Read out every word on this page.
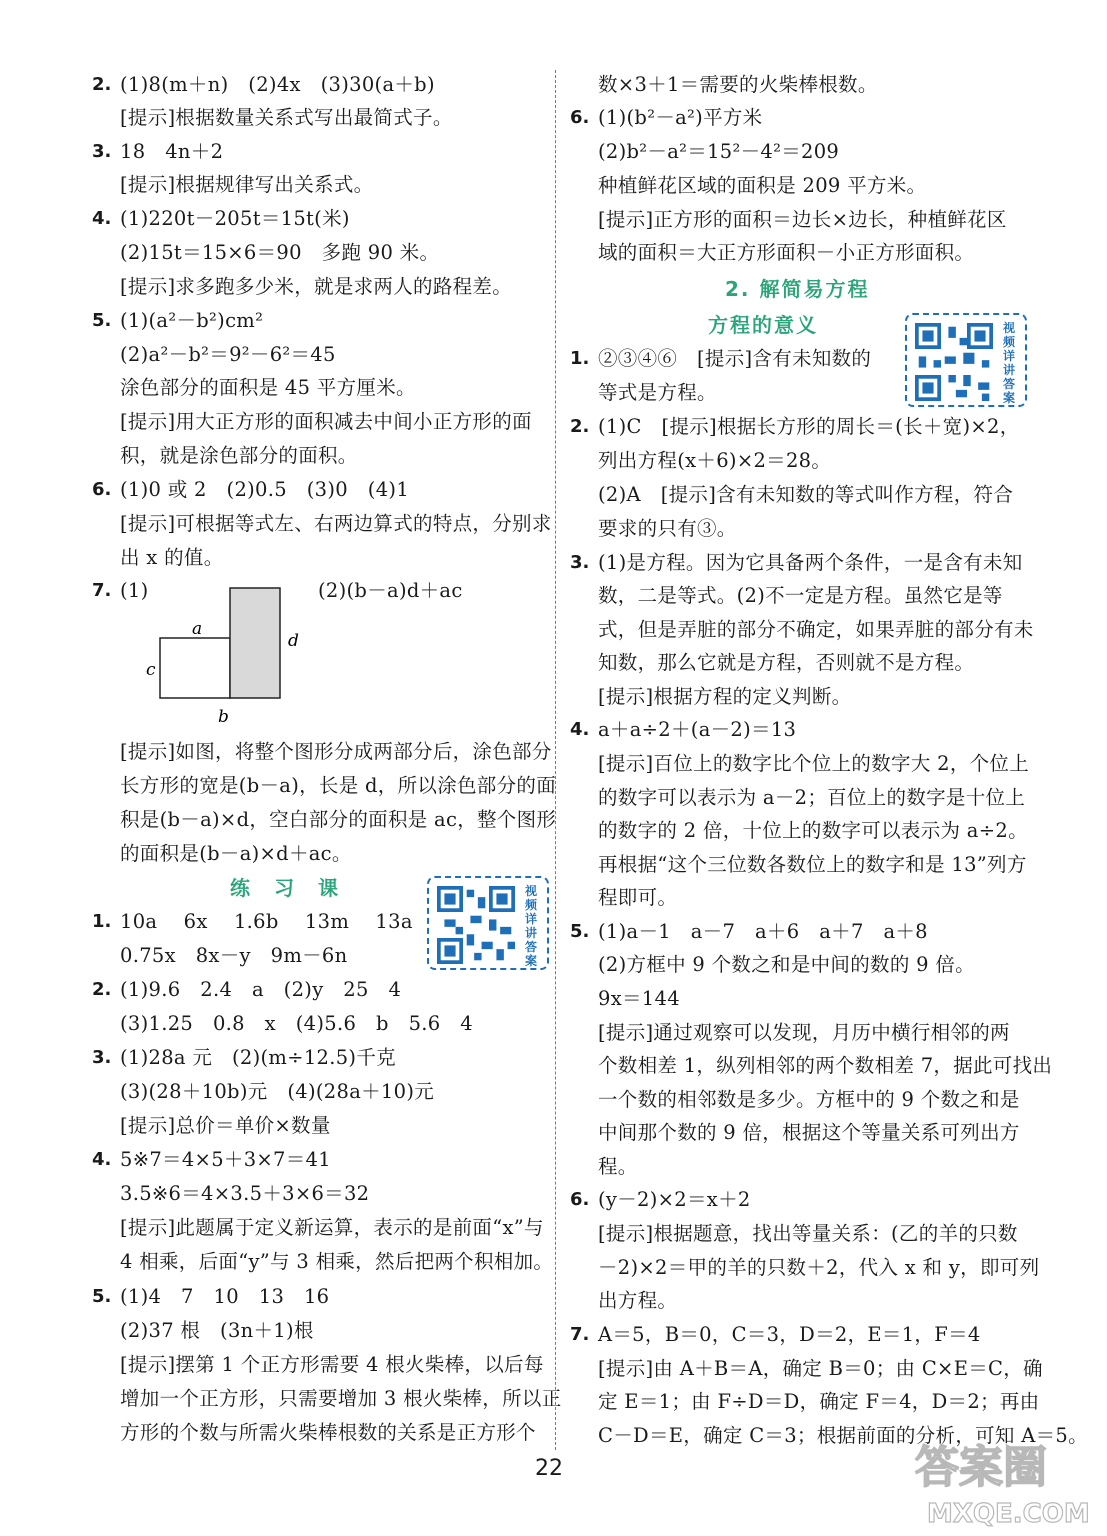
2. (1)8(m＋n)　(2)4x　(3)30(a＋b)
[提示]根据数量关系式写出最简式子。
3. 18　4n＋2
[提示]根据规律写出关系式。
4. (1)220t－205t＝15t(米)
(2)15t＝15×6＝90　多跑 90 米。
[提示]求多跑多少米，就是求两人的路程差。
5. (1)(a²－b²)cm²
(2)a²－b²＝9²－6²＝45
涂色部分的面积是 45 平方厘米。
[提示]用大正方形的面积减去中间小正方形的面
积，就是涂色部分的面积。
6. (1)0 或 2　(2)0.5　(3)0　(4)1
[提示]可根据等式左、右两边算式的特点，分别求
出 x 的值。
7. (1)	(2)(b－a)d＋ac
a
c
d
b
[提示]如图，将整个图形分成两部分后，涂色部分
长方形的宽是(b－a)，长是 d，所以涂色部分的面
积是(b－a)×d，空白部分的面积是 ac，整个图形
的面积是(b－a)×d＋ac。
练　习　课	视频详讲答案
1. 10a　 6x　 1.6b　 13m　 13a
0.75x　8x－y　9m－6n
2. (1)9.6　2.4　a　(2)y　25　4
(3)1.25　0.8　x　(4)5.6　b　5.6　4
3. (1)28a 元　(2)(m÷12.5)千克
(3)(28＋10b)元　(4)(28a＋10)元
[提示]总价＝单价×数量
4. 5※7＝4×5＋3×7＝41
3.5※6＝4×3.5＋3×6＝32
[提示]此题属于定义新运算，表示的是前面“x”与
4 相乘，后面“y”与 3 相乘，然后把两个积相加。
5. (1)4　7　10　13　16
(2)37 根　(3n＋1)根
[提示]摆第 1 个正方形需要 4 根火柴棒，以后每
增加一个正方形，只需要增加 3 根火柴棒，所以正
方形的个数与所需火柴棒根数的关系是正方形个
数×3＋1＝需要的火柴棒根数。
6. (1)(b²－a²)平方米
(2)b²－a²＝15²－4²＝209
种植鲜花区域的面积是 209 平方米。
[提示]正方形的面积＝边长×边长，种植鲜花区
域的面积＝大正方形面积－小正方形面积。
2. 解简易方程
方程的意义	视频详讲答案
1. ②③④⑥　[提示]含有未知数的
等式是方程。
2. (1)C　[提示]根据长方形的周长＝(长＋宽)×2，
列出方程(x＋6)×2＝28。
(2)A　[提示]含有未知数的等式叫作方程，符合
要求的只有③。
3. (1)是方程。因为它具备两个条件，一是含有未知
数，二是等式。(2)不一定是方程。虽然它是等
式，但是弄脏的部分不确定，如果弄脏的部分有未
知数，那么它就是方程，否则就不是方程。
[提示]根据方程的定义判断。
4. a＋a÷2＋(a－2)＝13
[提示]百位上的数字比个位上的数字大 2，个位上
的数字可以表示为 a－2；百位上的数字是十位上
的数字的 2 倍，十位上的数字可以表示为 a÷2。
再根据“这个三位数各数位上的数字和是 13”列方
程即可。
5. (1)a－1　a－7　a＋6　a＋7　a＋8
(2)方框中 9 个数之和是中间的数的 9 倍。
9x＝144
[提示]通过观察可以发现，月历中横行相邻的两
个数相差 1，纵列相邻的两个数相差 7，据此可找出
一个数的相邻数是多少。方框中的 9 个数之和是
中间那个数的 9 倍，根据这个等量关系可列出方
程。
6. (y－2)×2＝x＋2
[提示]根据题意，找出等量关系：(乙的羊的只数
－2)×2＝甲的羊的只数＋2，代入 x 和 y，即可列
出方程。
7. A＝5，B＝0，C＝3，D＝2，E＝1，F＝4
[提示]由 A＋B＝A，确定 B＝0；由 C×E＝C，确
定 E＝1；由 F÷D＝D，确定 F＝4，D＝2；再由
C－D＝E，确定 C＝3；根据前面的分析，可知 A＝5。
22	答案圈
MXQE.COM
